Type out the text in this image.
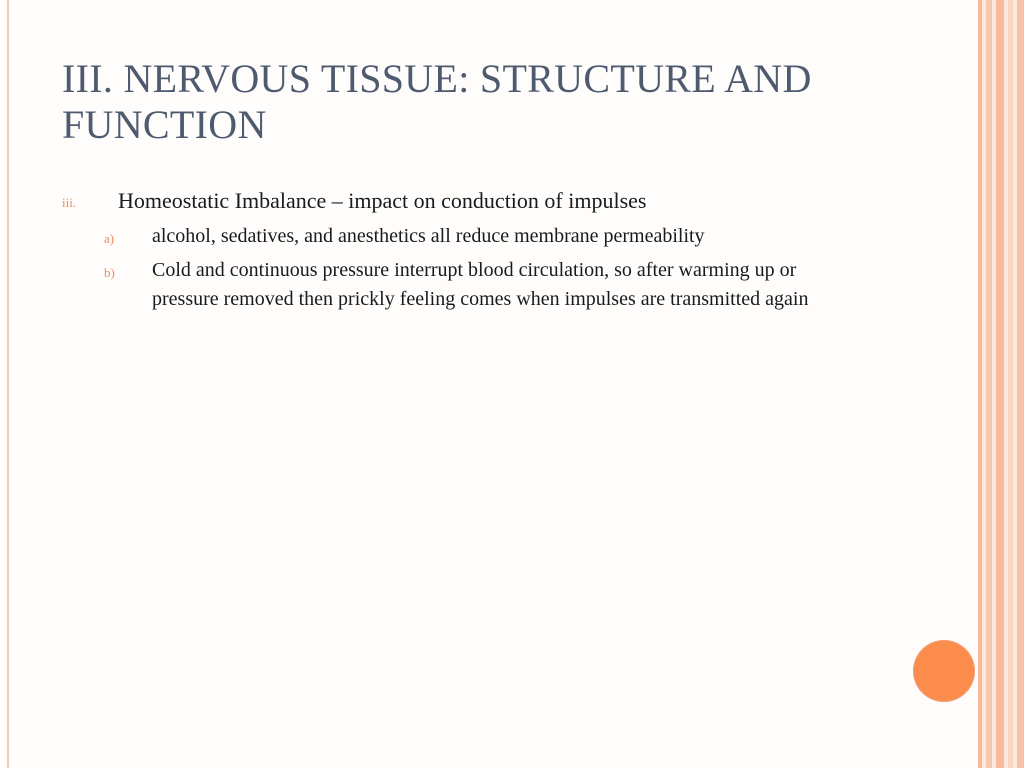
III. NERVOUS TISSUE: STRUCTURE AND FUNCTION
iii. Homeostatic Imbalance – impact on conduction of impulses
a) alcohol, sedatives, and anesthetics all reduce membrane permeability
b) Cold and continuous pressure interrupt blood circulation, so after warming up or pressure removed then prickly feeling comes when impulses are transmitted again
